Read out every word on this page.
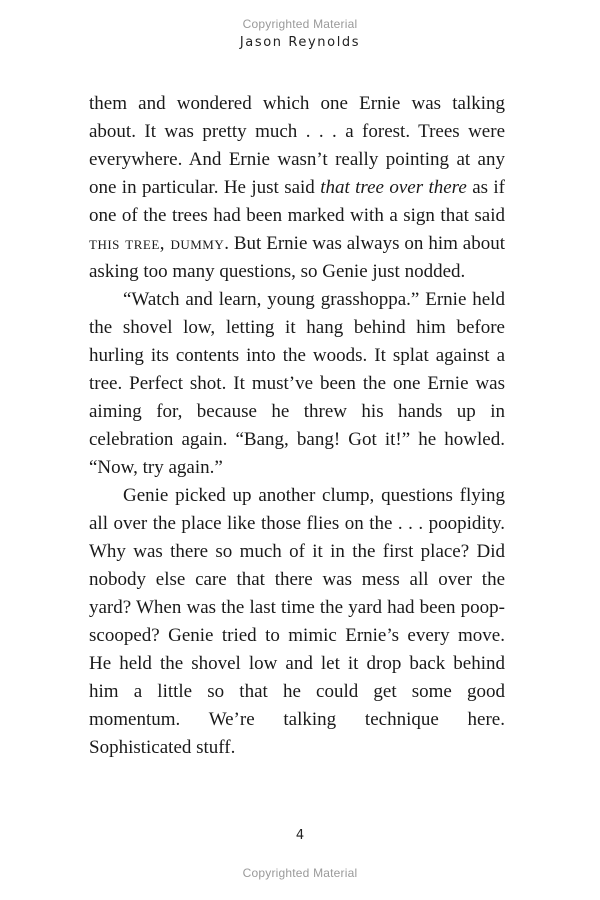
Copyrighted Material
Jason Reynolds

them and wondered which one Ernie was talking about. It was pretty much . . . a forest. Trees were everywhere. And Ernie wasn’t really pointing at any one in particular. He just said that tree over there as if one of the trees had been marked with a sign that said this tree, dummy. But Ernie was always on him about asking too many questions, so Genie just nodded.

“Watch and learn, young grasshoppa.” Ernie held the shovel low, letting it hang behind him before hurling its contents into the woods. It splat against a tree. Perfect shot. It must’ve been the one Ernie was aiming for, because he threw his hands up in celebration again. “Bang, bang! Got it!” he howled. “Now, try again.”

Genie picked up another clump, questions flying all over the place like those flies on the . . . poopidity. Why was there so much of it in the first place? Did nobody else care that there was mess all over the yard? When was the last time the yard had been poop-scooped? Genie tried to mimic Ernie’s every move. He held the shovel low and let it drop back behind him a little so that he could get some good momentum. We’re talking technique here. Sophisticated stuff.

4
Copyrighted Material
